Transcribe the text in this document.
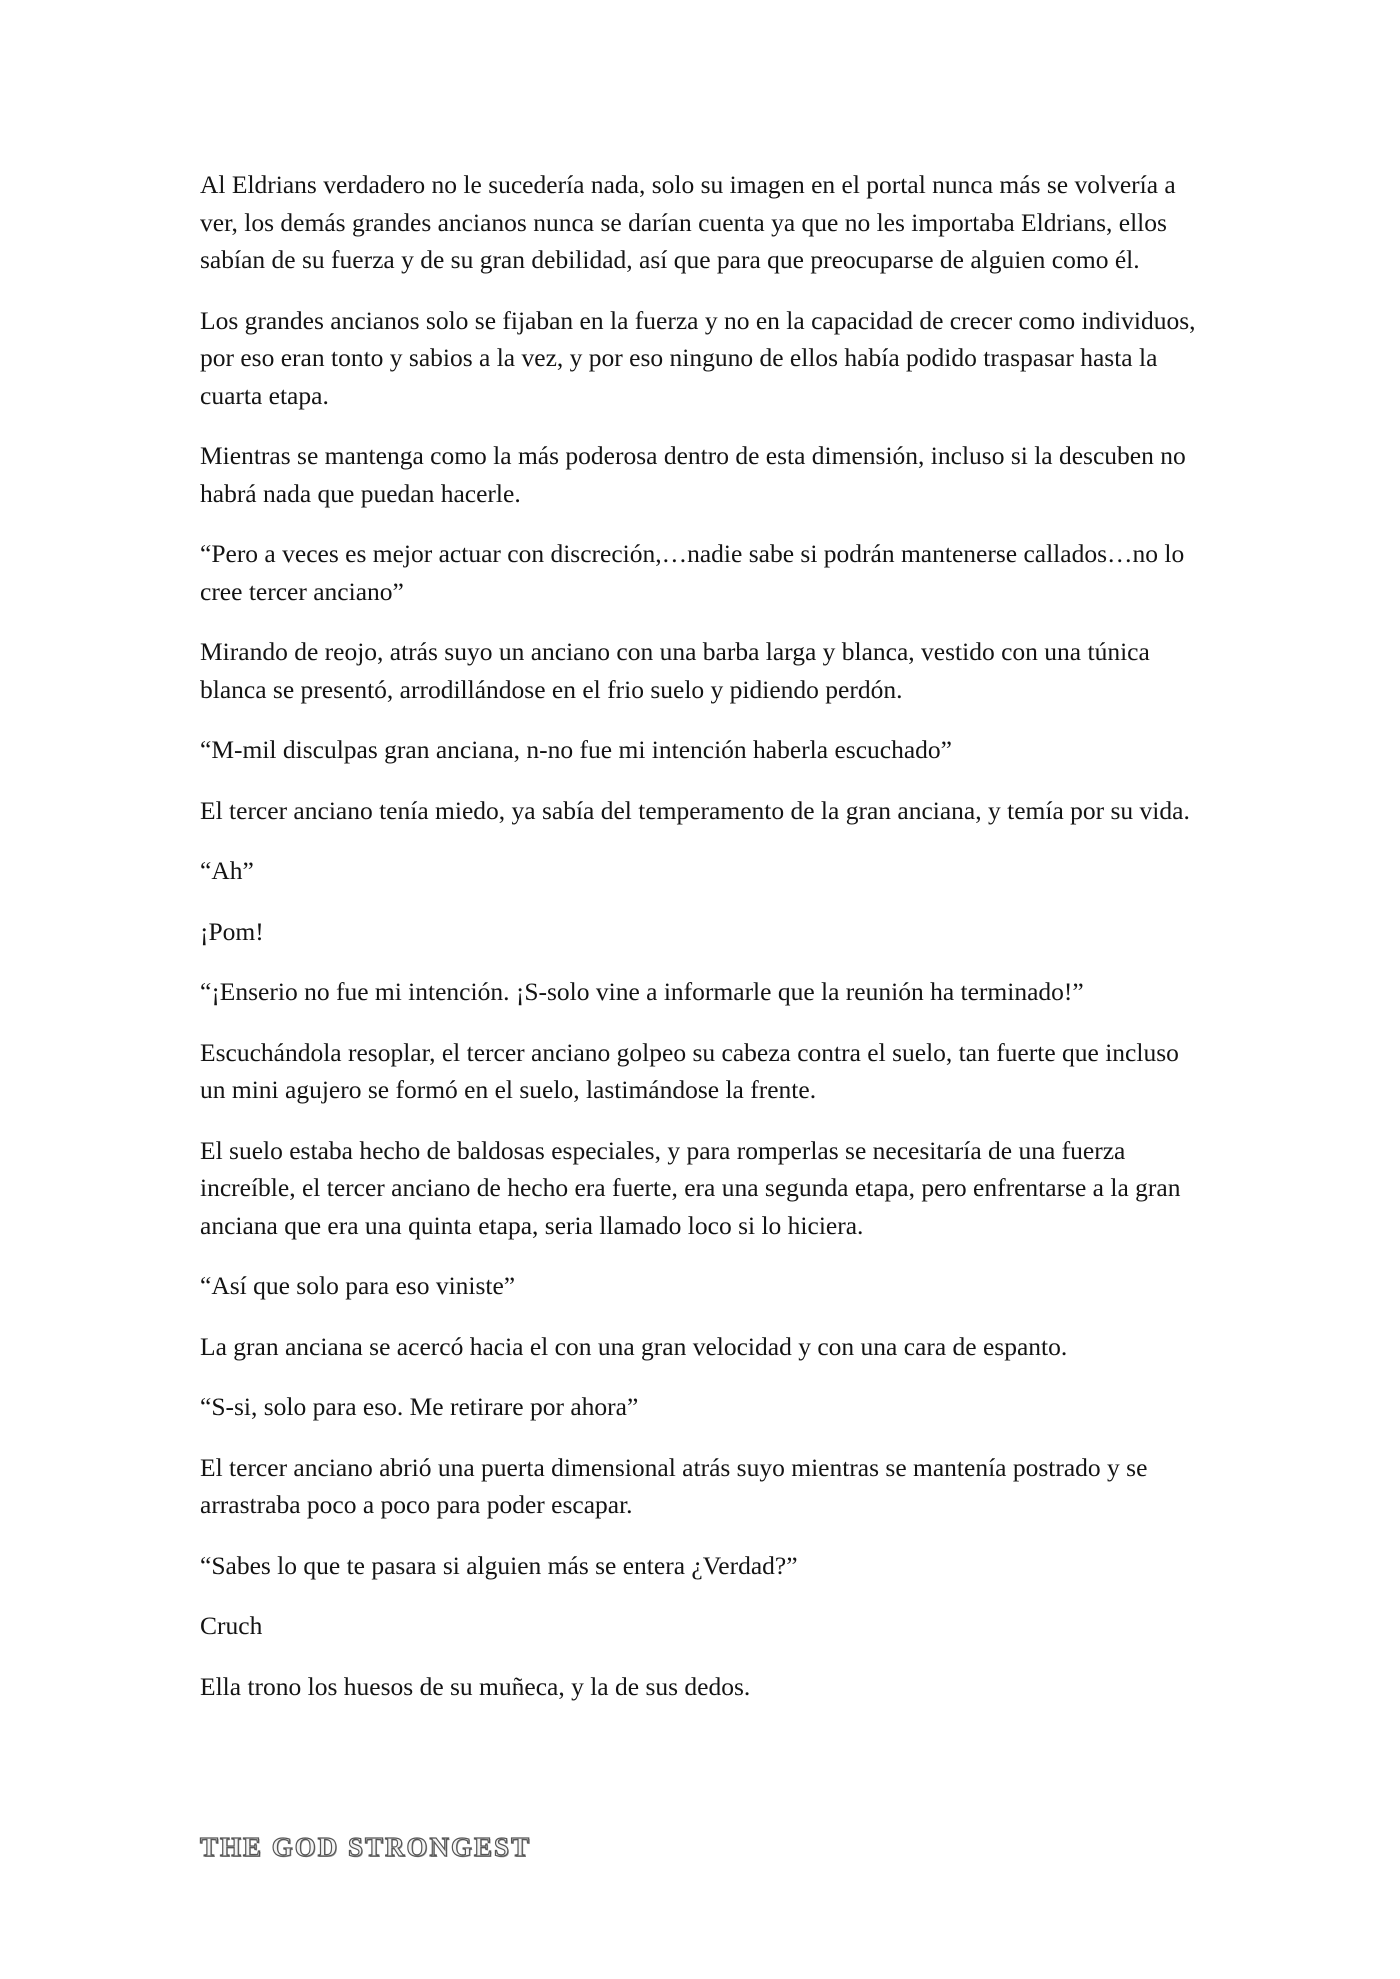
Al Eldrians verdadero no le sucedería nada, solo su imagen en el portal nunca más se volvería a ver, los demás grandes ancianos nunca se darían cuenta ya que no les importaba Eldrians, ellos sabían de su fuerza y de su gran debilidad, así que para que preocuparse de alguien como él.

Los grandes ancianos solo se fijaban en la fuerza y no en la capacidad de crecer como individuos, por eso eran tonto y sabios a la vez, y por eso ninguno de ellos había podido traspasar hasta la cuarta etapa.

Mientras se mantenga como la más poderosa dentro de esta dimensión, incluso si la descuben no habrá nada que puedan hacerle.

“Pero a veces es mejor actuar con discreción,…nadie sabe si podrán mantenerse callados…no lo cree tercer anciano”

Mirando de reojo, atrás suyo un anciano con una barba larga y blanca, vestido con una túnica blanca se presentó, arrodillándose en el frio suelo y pidiendo perdón.

“M-mil disculpas gran anciana, n-no fue mi intención haberla escuchado”

El tercer anciano tenía miedo, ya sabía del temperamento de la gran anciana, y temía por su vida.

“Ah”

¡Pom!

“¡Enserio no fue mi intención. ¡S-solo vine a informarle que la reunión ha terminado!”

Escuchándola resoplar, el tercer anciano golpeo su cabeza contra el suelo, tan fuerte que incluso un mini agujero se formó en el suelo, lastimándose la frente.

El suelo estaba hecho de baldosas especiales, y para romperlas se necesitaría de una fuerza increíble, el tercer anciano de hecho era fuerte, era una segunda etapa, pero enfrentarse a la gran anciana que era una quinta etapa, seria llamado loco si lo hiciera.

“Así que solo para eso viniste”

La gran anciana se acercó hacia el con una gran velocidad y con una cara de espanto.

“S-si, solo para eso. Me retirare por ahora”

El tercer anciano abrió una puerta dimensional atrás suyo mientras se mantenía postrado y se arrastraba poco a poco para poder escapar.

“Sabes lo que te pasara si alguien más se entera ¿Verdad?”

Cruch

Ella trono los huesos de su muñeca, y la de sus dedos.

THE GOD STRONGEST
